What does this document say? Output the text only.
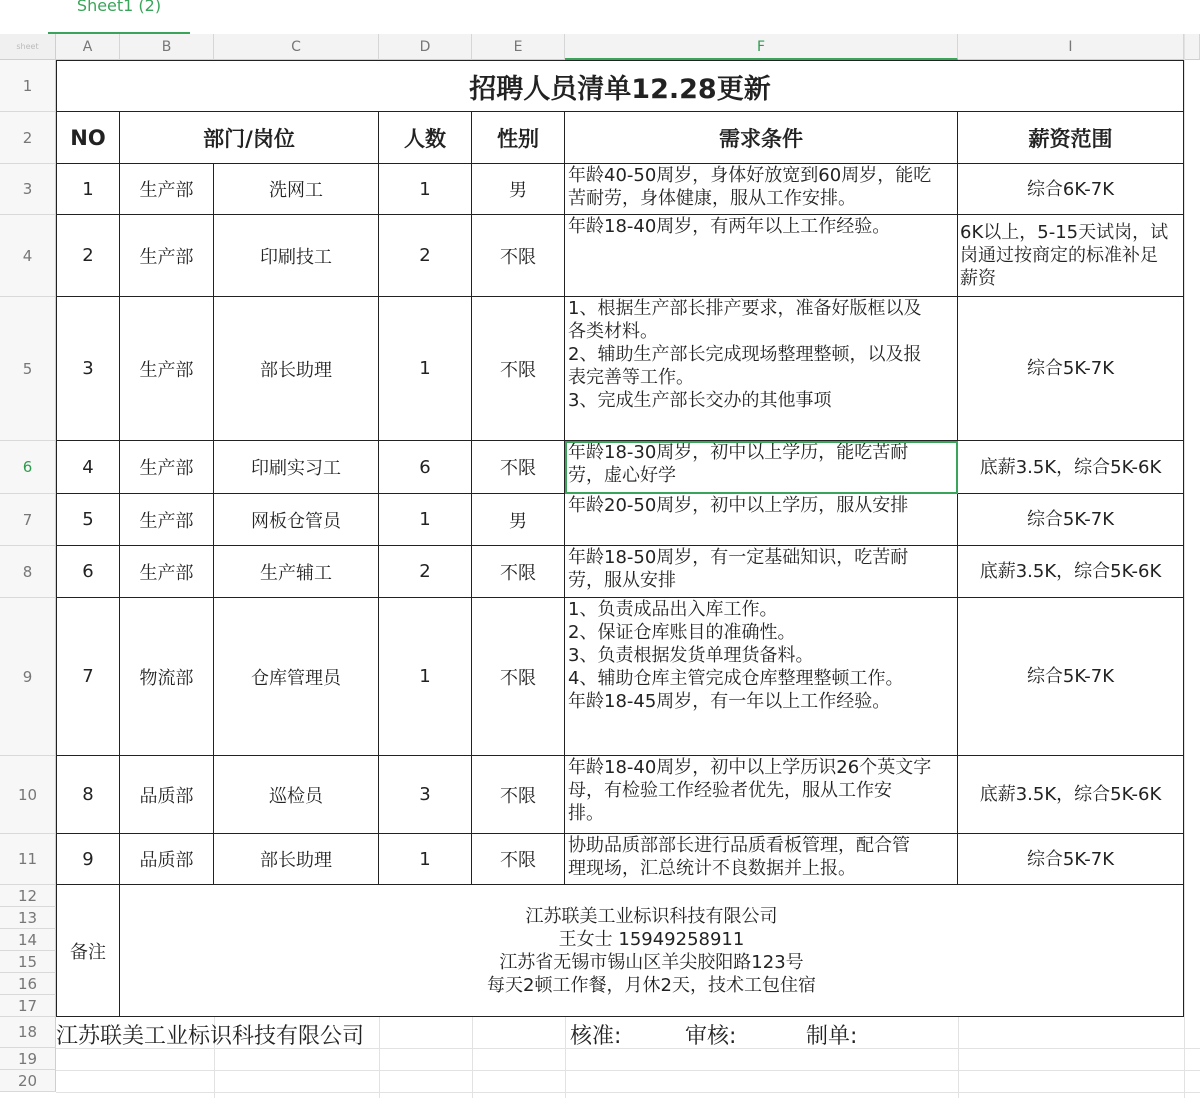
Sheet1 (2)
sheet	A	B	C	D	E	F	I
1
2
3
4
5
6
7
8
9
10
11
12
13
14
15
16
17
18
19
20
招聘人员清单12.28更新
NO	部门/岗位	人数	性别	需求条件	薪资范围
1	生产部	洗网工	1	男
年龄40-50周岁，身体好放宽到60周岁，能吃
苦耐劳，身体健康，服从工作安排。	综合6K-7K
2	生产部	印刷技工	2	不限
年龄18-40周岁，有两年以上工作经验。	6K以上，5-15天试岗，试
岗通过按商定的标准补足
薪资
3	生产部	部长助理	1	不限
1、根据生产部长排产要求，准备好版框以及
各类材料。
2、辅助生产部长完成现场整理整顿，以及报
表完善等工作。
3、完成生产部长交办的其他事项
综合5K-7K
4	生产部	印刷实习工	6	不限
年龄18-30周岁，初中以上学历，能吃苦耐
劳，虚心好学	底薪3.5K，综合5K-6K
5	生产部	网板仓管员	1	男
年龄20-50周岁，初中以上学历，服从安排
综合5K-7K
6	生产部	生产辅工	2	不限
年龄18-50周岁，有一定基础知识，吃苦耐
劳，服从安排	底薪3.5K，综合5K-6K
7	物流部	仓库管理员	1	不限
1、负责成品出入库工作。
2、保证仓库账目的准确性。
3、负责根据发货单理货备料。
4、辅助仓库主管完成仓库整理整顿工作。
年龄18-45周岁，有一年以上工作经验。
综合5K-7K
8	品质部	巡检员	3	不限
年龄18-40周岁，初中以上学历识26个英文字
母，有检验工作经验者优先，服从工作安
排。
底薪3.5K，综合5K-6K
9	品质部	部长助理	1	不限
协助品质部部长进行品质看板管理，配合管
理现场，汇总统计不良数据并上报。	综合5K-7K
备注
江苏联美工业标识科技有限公司
王女士 15949258911
江苏省无锡市锡山区羊尖胶阳路123号
每天2顿工作餐，月休2天，技术工包住宿
江苏联美工业标识科技有限公司	核准:	审核:	制单:
